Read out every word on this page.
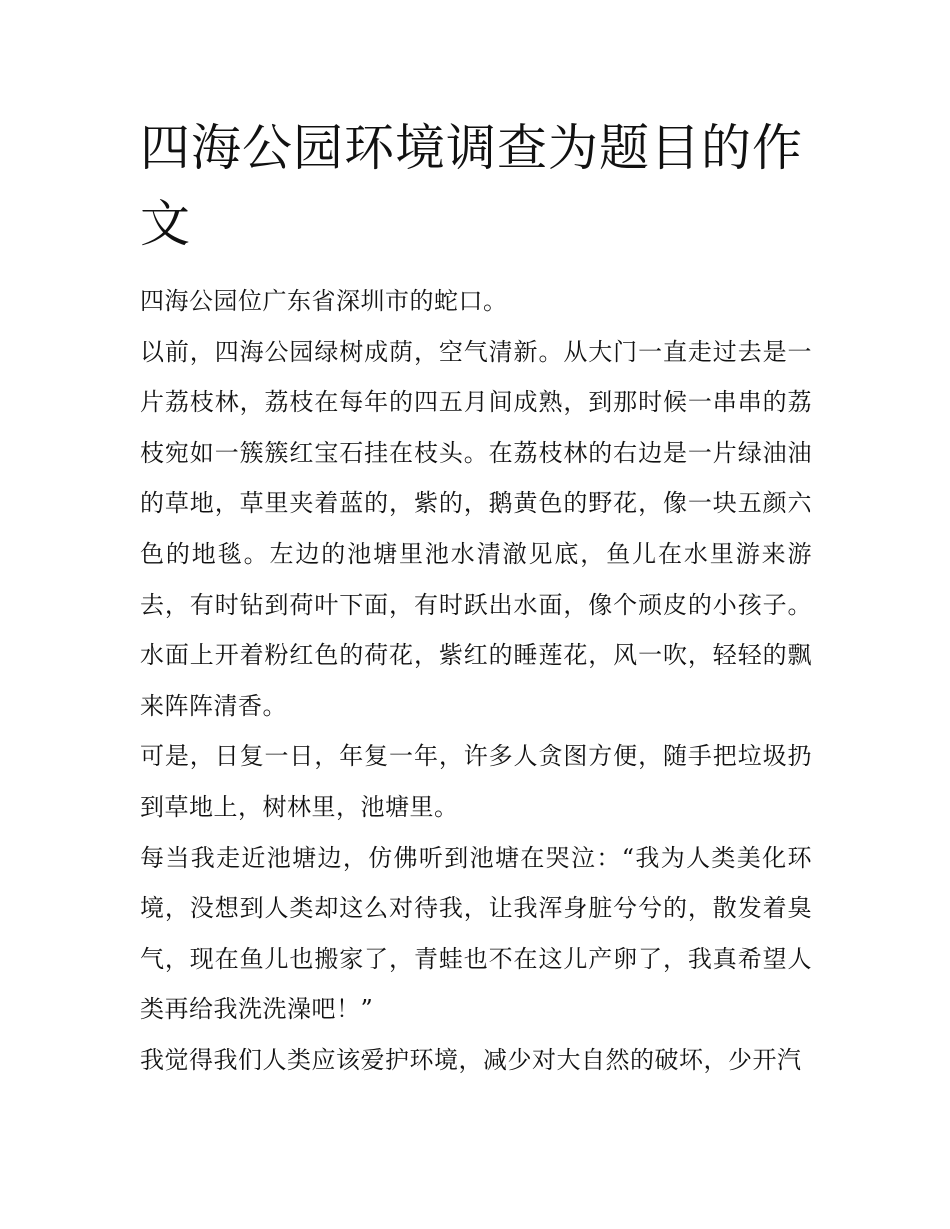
四海公园环境调查为题目的作文

四海公园位广东省深圳市的蛇口。

以前，四海公园绿树成荫，空气清新。从大门一直走过去是一片荔枝林，荔枝在每年的四五月间成熟，到那时候一串串的荔枝宛如一簇簇红宝石挂在枝头。在荔枝林的右边是一片绿油油的草地，草里夹着蓝的，紫的，鹅黄色的野花，像一块五颜六色的地毯。左边的池塘里池水清澈见底，鱼儿在水里游来游去，有时钻到荷叶下面，有时跃出水面，像个顽皮的小孩子。水面上开着粉红色的荷花，紫红的睡莲花，风一吹，轻轻的飘来阵阵清香。

可是，日复一日，年复一年，许多人贪图方便，随手把垃圾扔到草地上，树林里，池塘里。

每当我走近池塘边，仿佛听到池塘在哭泣：“我为人类美化环境，没想到人类却这么对待我，让我浑身脏兮兮的，散发着臭气，现在鱼儿也搬家了，青蛙也不在这儿产卵了，我真希望人类再给我洗洗澡吧！”

我觉得我们人类应该爱护环境，减少对大自然的破坏，少开汽
